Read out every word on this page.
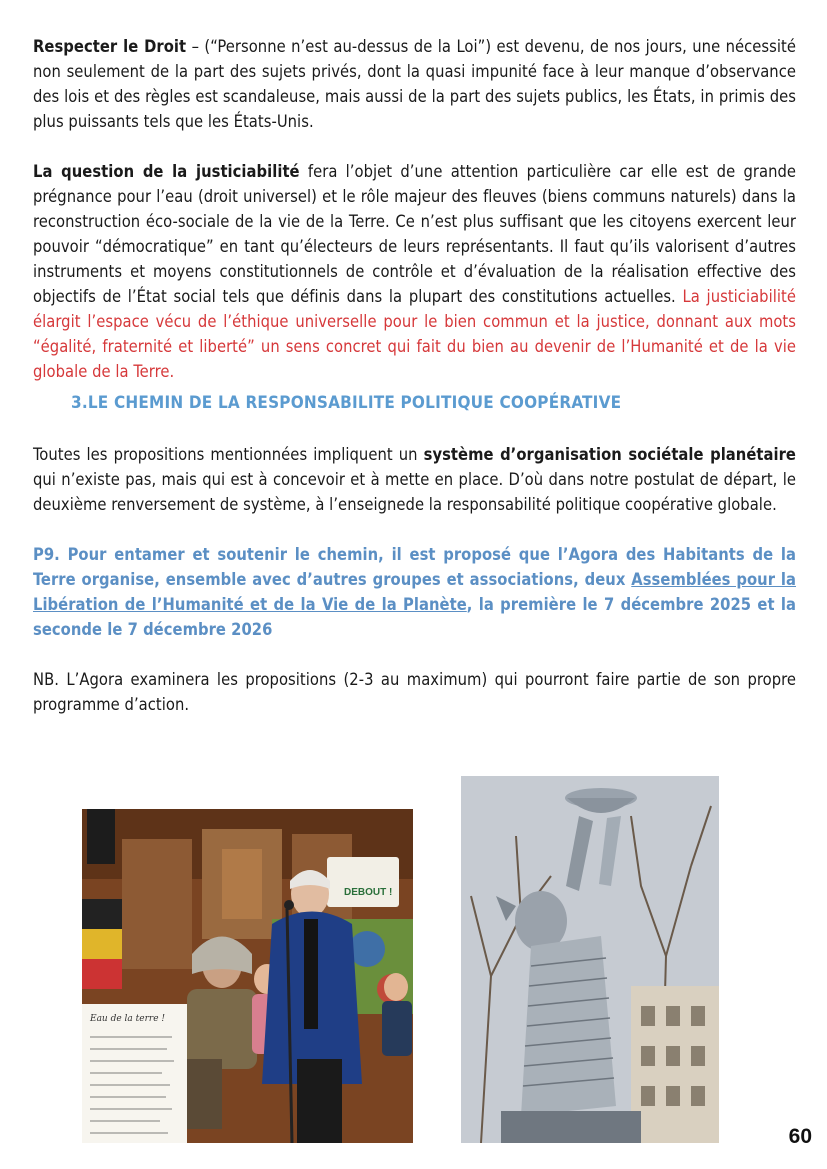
Respecter le Droit – (“Personne n’est au-dessus de la Loi”) est devenu, de nos jours, une nécessité non seulement de la part des sujets privés, dont la quasi impunité face à leur manque d’observance des lois et des règles est scandaleuse, mais aussi de la part des sujets publics, les États, in primis des plus puissants tels que les États-Unis.

La question de la justiciabilité fera l’objet d’une attention particulière car elle est de grande prégnance pour l’eau (droit universel) et le rôle majeur des fleuves (biens communs naturels) dans la reconstruction éco-sociale de la vie de la Terre. Ce n’est plus suffisant que les citoyens exercent leur pouvoir “démocratique” en tant qu’électeurs de leurs représentants. Il faut qu’ils valorisent d’autres instruments et moyens constitutionnels de contrôle et d’évaluation de la réalisation effective des objectifs de l’État social tels que définis dans la plupart des constitutions actuelles. La justiciabilité élargit l’espace vécu de l’éthique universelle pour le bien commun et la justice, donnant aux mots “égalité, fraternité et liberté” un sens concret qui fait du bien au devenir de l’Humanité et de la vie globale de la Terre.

3.LE CHEMIN DE LA RESPONSABILITE POLITIQUE COOPÉRATIVE

Toutes les propositions mentionnées impliquent un système d’organisation sociétale planétaire qui n’existe pas, mais qui est à concevoir et à mette en place. D’où dans notre postulat de départ, le deuxième renversement de système, à l’enseignede la responsabilité politique coopérative globale.

P9. Pour entamer et soutenir le chemin, il est proposé que l’Agora des Habitants de la Terre organise, ensemble avec d’autres groupes et associations, deux Assemblées pour la Libération de l’Humanité et de la Vie de la Planète, la première le 7 décembre 2025 et la seconde le 7 décembre 2026

NB. L’Agora examinera les propositions (2-3 au maximum) qui pourront faire partie de son propre programme d’action.

DEBOUT !
Eau de la terre !
60
